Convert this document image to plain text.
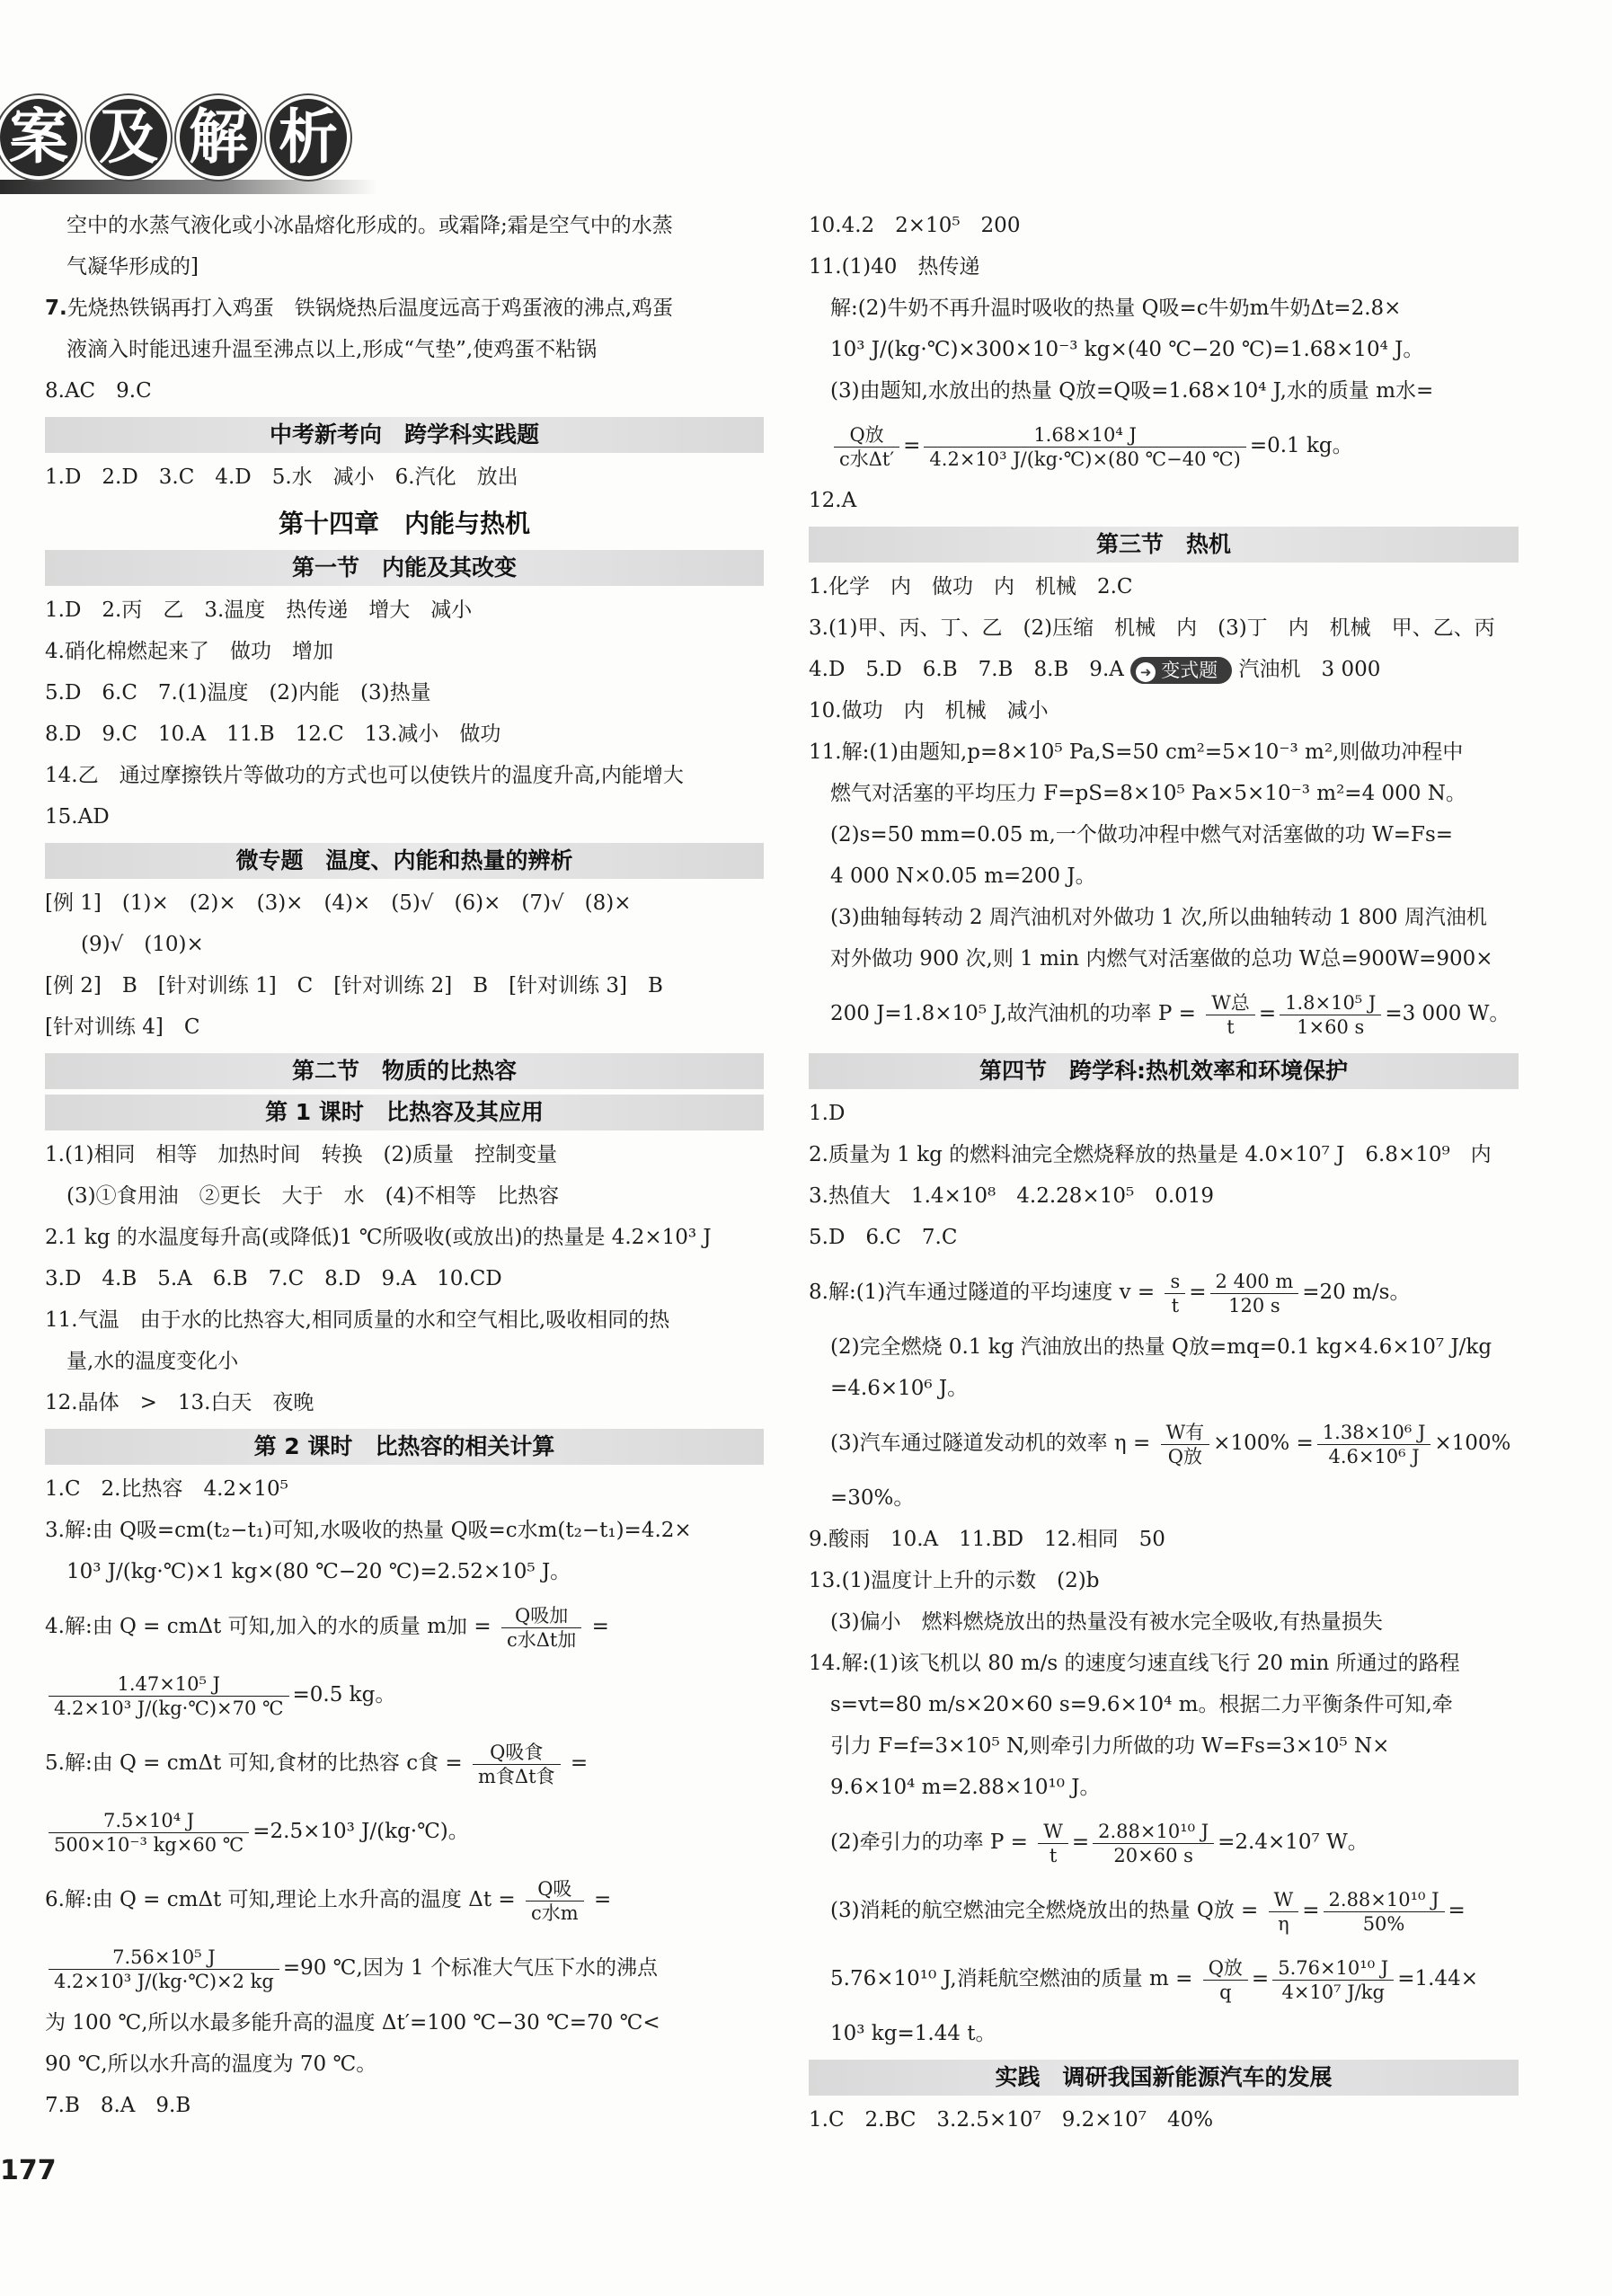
案 及 解 析
空中的水蒸气液化或小冰晶熔化形成的。或霜降;霜是空气中的水蒸
气凝华形成的]
7.先烧热铁锅再打入鸡蛋　铁锅烧热后温度远高于鸡蛋液的沸点,鸡蛋
液滴入时能迅速升温至沸点以上,形成“气垫”,使鸡蛋不粘锅
8.AC　9.C
中考新考向　跨学科实践题
1.D　2.D　3.C　4.D　5.水　减小　6.汽化　放出
第十四章　内能与热机
第一节　内能及其改变
1.D　2.丙　乙　3.温度　热传递　增大　减小
4.硝化棉燃起来了　做功　增加
5.D　6.C　7.(1)温度　(2)内能　(3)热量
8.D　9.C　10.A　11.B　12.C　13.减小　做功
14.乙　通过摩擦铁片等做功的方式也可以使铁片的温度升高,内能增大
15.AD
微专题　温度、内能和热量的辨析
[例 1]　(1)×　(2)×　(3)×　(4)×　(5)√　(6)×　(7)√　(8)×
(9)√　(10)×
[例 2]　B　[针对训练 1]　C　[针对训练 2]　B　[针对训练 3]　B
[针对训练 4]　C
第二节　物质的比热容
第 1 课时　比热容及其应用
1.(1)相同　相等　加热时间　转换　(2)质量　控制变量
(3)①食用油　②更长　大于　水　(4)不相等　比热容
2.1 kg 的水温度每升高(或降低)1 ℃所吸收(或放出)的热量是 4.2×10³ J
3.D　4.B　5.A　6.B　7.C　8.D　9.A　10.CD
11.气温　由于水的比热容大,相同质量的水和空气相比,吸收相同的热
量,水的温度变化小
12.晶体　>　13.白天　夜晚
第 2 课时　比热容的相关计算
1.C　2.比热容　4.2×10⁵
3.解:由 Q吸=cm(t₂−t₁)可知,水吸收的热量 Q吸=c水m(t₂−t₁)=4.2×
10³ J/(kg·℃)×1 kg×(80 ℃−20 ℃)=2.52×10⁵ J。
4.解:由 Q = cmΔt 可知,加入的水的质量 m加 = $\frac{\text{Q吸加}}{\text{c水Δt加}}$ =
$\frac{\text{1.47×10⁵ J}}{\text{4.2×10³ J/(kg·℃)×70 ℃}} =0.5$ kg。
5.解:由 Q = cmΔt 可知,食材的比热容 c食 = $\frac{\text{Q吸食}}{\text{m食Δt食}}$ =
$\frac{\text{7.5×10⁴ J}}{\text{500×10⁻³ kg×60 ℃}} =2.5\times 10^3$ J/(kg·℃)。
6.解:由 Q = cmΔt 可知,理论上水升高的温度 $\Delta t = \frac{\text{Q吸}}{\text{c水m}}$ =
$\frac{\text{7.56×10⁵ J}}{\text{4.2×10³ J/(kg·℃)×2 kg}} =90$ ℃,因为 1 个标准大气压下水的沸点
为 100 ℃,所以水最多能升高的温度 Δt′=100 ℃−30 ℃=70 ℃<
90 ℃,所以水升高的温度为 70 ℃。
7.B　8.A　9.B
10.4.2　2×10⁵　200
11.(1)40　热传递
解:(2)牛奶不再升温时吸收的热量 Q吸=c牛奶m牛奶Δt=2.8×
10³ J/(kg·℃)×300×10⁻³ kg×(40 ℃−20 ℃)=1.68×10⁴ J。
(3)由题知,水放出的热量 Q放=Q吸=1.68×10⁴ J,水的质量 m水=
$\frac{\text{Q放}}{\text{c水Δt′}} = \frac{\text{1.68×10⁴ J}}{\text{4.2×10³ J/(kg·℃)×(80 ℃−40 ℃)}} =0.1$ kg。
12.A
第三节　热机
1.化学　内　做功　内　机械　2.C
3.(1)甲、丙、丁、乙　(2)压缩　机械　内　(3)丁　内　机械　甲、乙、丙
4.D　5.D　6.B　7.B　8.B　9.A ➜ 变式题 汽油机　3 000
10.做功　内　机械　减小
11.解:(1)由题知,p=8×10⁵ Pa,S=50 cm²=5×10⁻³ m²,则做功冲程中
燃气对活塞的平均压力 F=pS=8×10⁵ Pa×5×10⁻³ m²=4 000 N。
(2)s=50 mm=0.05 m,一个做功冲程中燃气对活塞做的功 W=Fs=
4 000 N×0.05 m=200 J。
(3)曲轴每转动 2 周汽油机对外做功 1 次,所以曲轴转动 1 800 周汽油机
对外做功 900 次,则 1 min 内燃气对活塞做的总功 W总=900W=900×
200 J=1.8×10⁵ J,故汽油机的功率 $P = \frac{\text{W总}}{t} = \frac{\text{1.8×10⁵ J}}{1\times 60 s} =3$ 000 W。
第四节　跨学科:热机效率和环境保护
1.D
2.质量为 1 kg 的燃料油完全燃烧释放的热量是 4.0×10⁷ J　6.8×10⁹　内
3.热值大　1.4×10⁸　4.2.28×10⁵　0.019
5.D　6.C　7.C
8.解:(1)汽车通过隧道的平均速度 $v = \frac{s}{t} = \frac{2 400 m}{120 s} =20$ m/s。
(2)完全燃烧 0.1 kg 汽油放出的热量 Q放=mq=0.1 kg×4.6×10⁷ J/kg
=4.6×10⁶ J。
(3)汽车通过隧道发动机的效率 $\eta = \frac{\text{W有}}{\text{Q放}} \times 100\% = \frac{\text{1.38×10⁶ J}}{\text{4.6×10⁶ J}} \times 100\%$
=30%。
9.酸雨　10.A　11.BD　12.相同　50
13.(1)温度计上升的示数　(2)b
(3)偏小　燃料燃烧放出的热量没有被水完全吸收,有热量损失
14.解:(1)该飞机以 80 m/s 的速度匀速直线飞行 20 min 所通过的路程
s=vt=80 m/s×20×60 s=9.6×10⁴ m。根据二力平衡条件可知,牵
引力 F=f=3×10⁵ N,则牵引力所做的功 W=Fs=3×10⁵ N×
9.6×10⁴ m=2.88×10¹⁰ J。
(2)牵引力的功率 $P = \frac{W}{t} = \frac{\text{2.88×10¹⁰ J}}{20\times 60 s} =2.4\times 10^7$ W。
(3)消耗的航空燃油完全燃烧放出的热量 Q放 = $\frac{W}{\eta} = \frac{\text{2.88×10¹⁰ J}}{50\%}$ =
5.76×10¹⁰ J,消耗航空燃油的质量 $m = \frac{\text{Q放}}{q} = \frac{\text{5.76×10¹⁰ J}}{\text{4×10⁷ J/kg}} =1.44\times$
10³ kg=1.44 t。
实践　调研我国新能源汽车的发展
1.C　2.BC　3.2.5×10⁷　9.2×10⁷　40%
177
